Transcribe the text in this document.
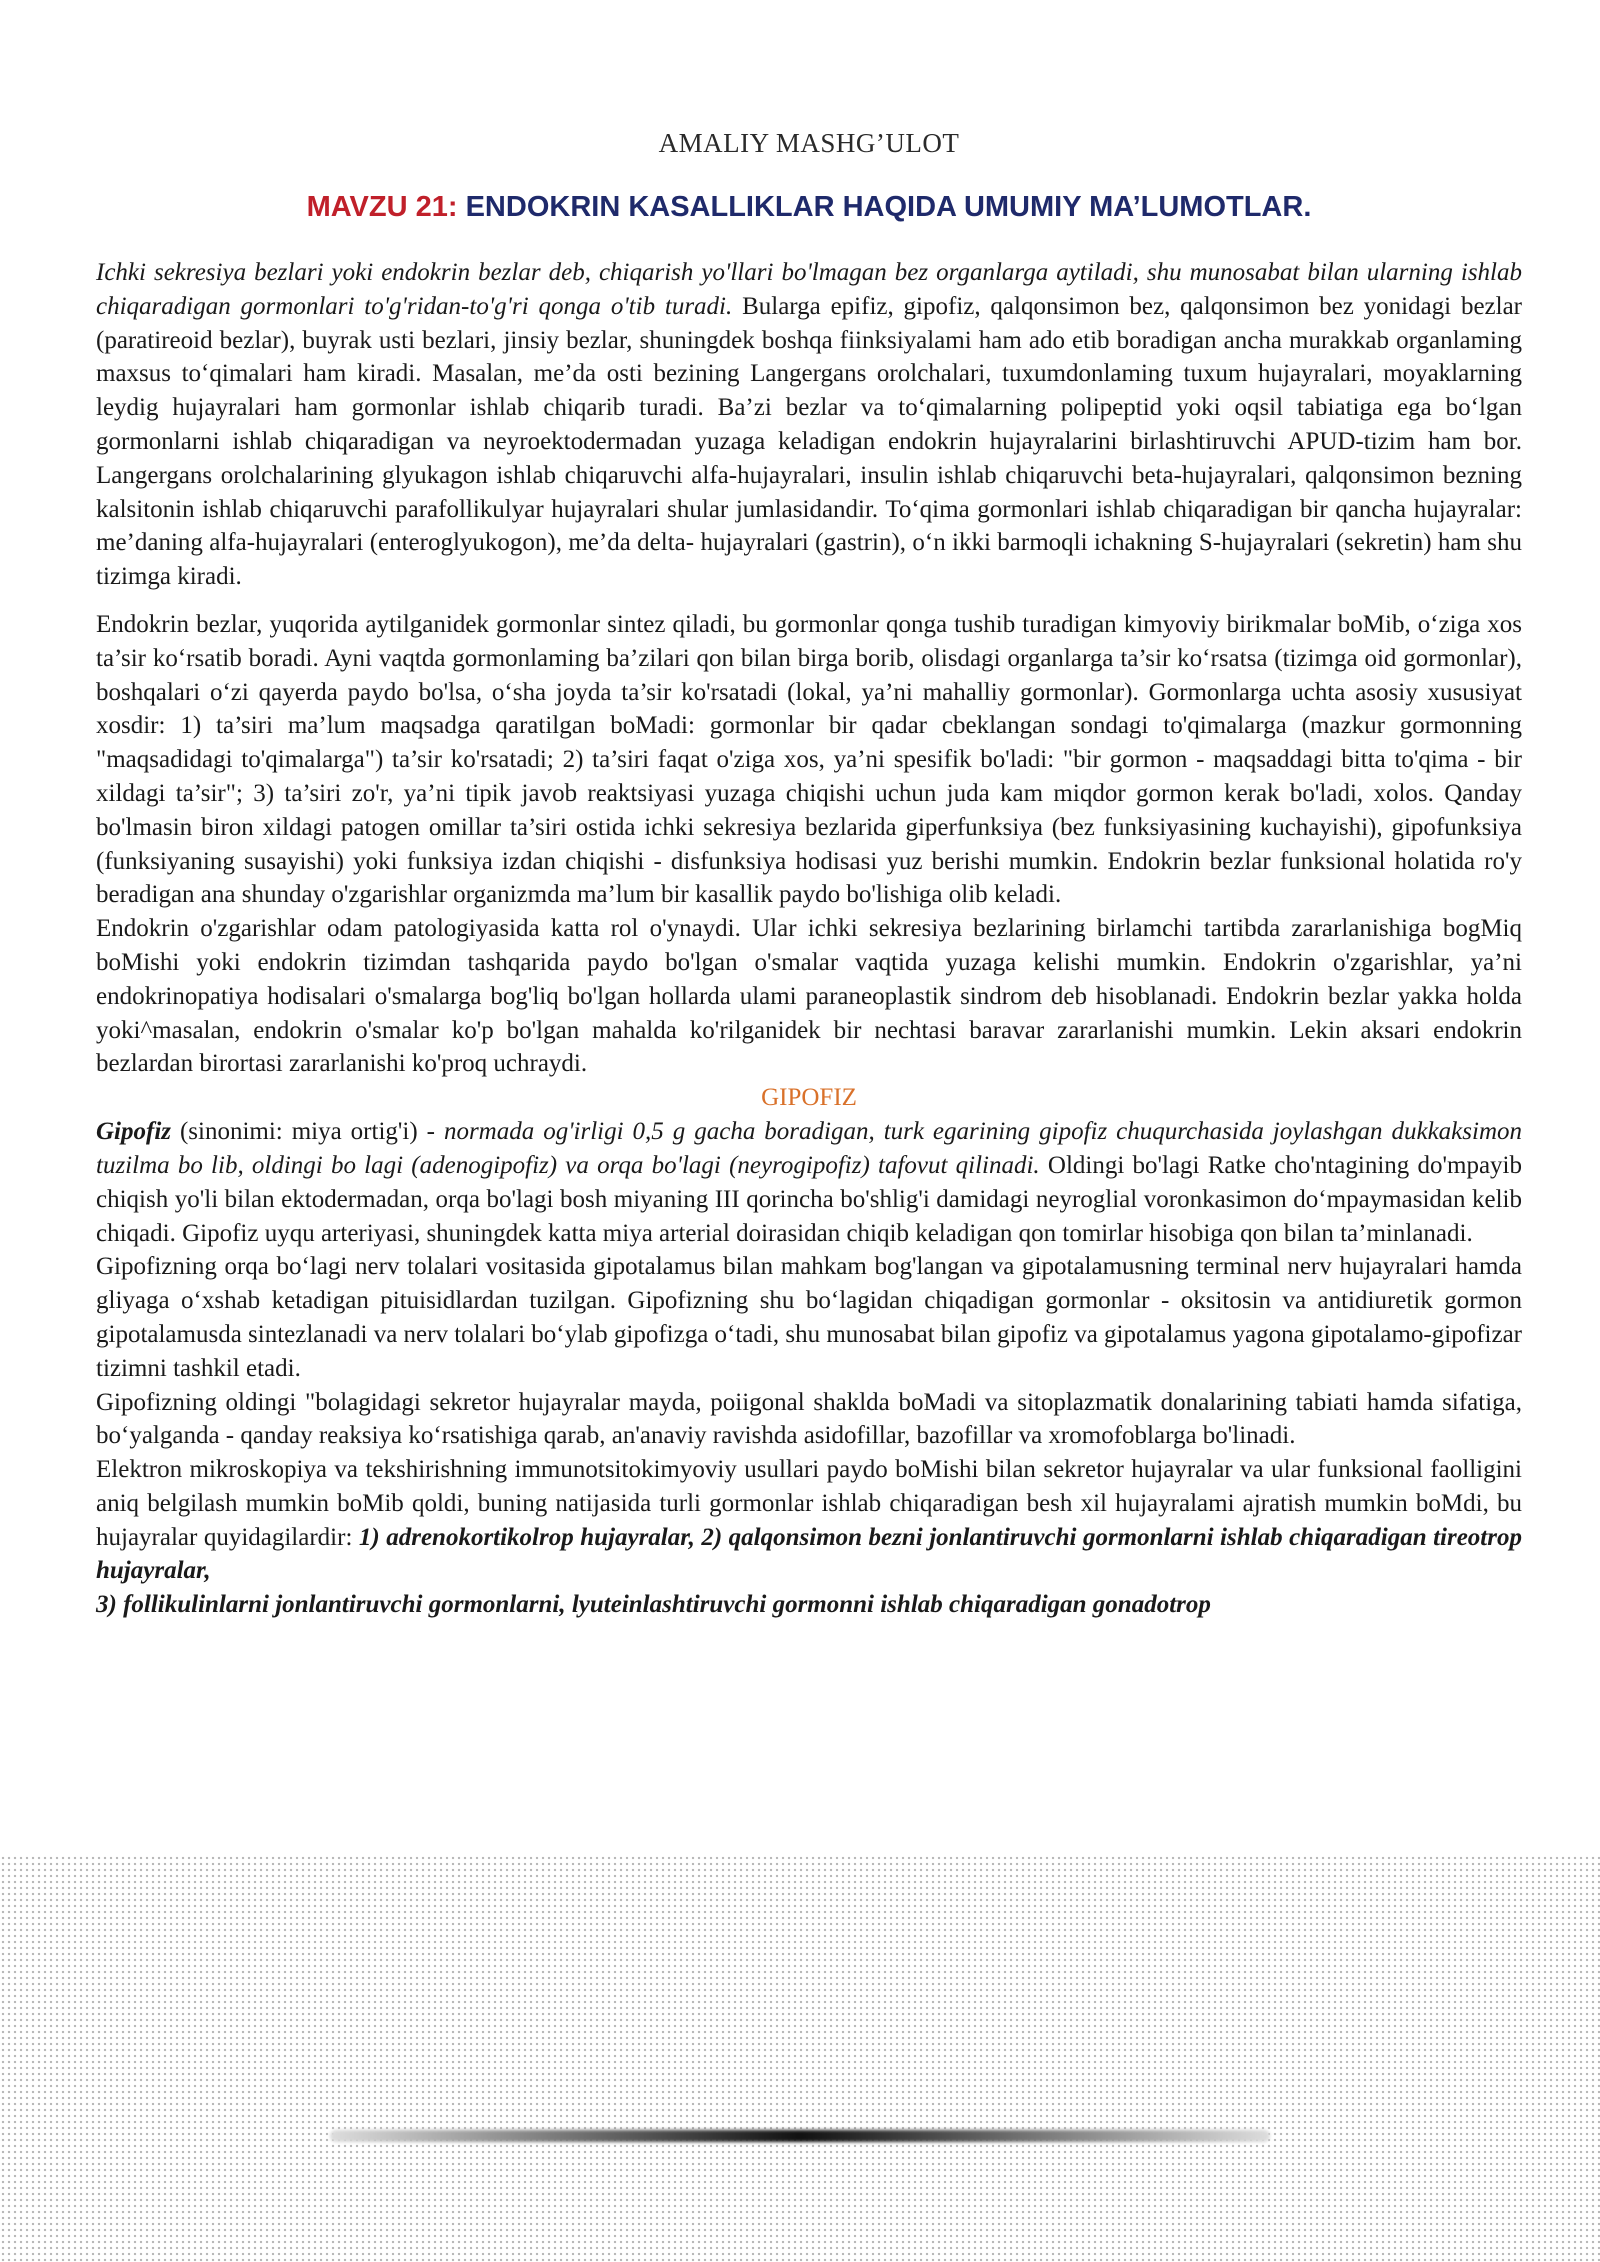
AMALIY MASHG’ULOT
MAVZU 21: ENDOKRIN KASALLIKLAR HAQIDA UMUMIY MA’LUMOTLAR.

Ichki sekresiya bezlari yoki endokrin bezlar deb, chiqarish yo'llari bo'lmagan bez organlarga aytiladi, shu munosabat bilan ularning ishlab chiqaradigan gormonlari to'g'ridan-to'g'ri qonga o'tib turadi. Bularga epifiz, gipofiz, qalqonsimon bez, qalqonsimon bez yonidagi bezlar (paratireoid bezlar), buyrak usti bezlari, jinsiy bezlar, shuningdek boshqa fiinksiyalami ham ado etib boradigan ancha murakkab organlaming maxsus to‘qimalari ham kiradi. Masalan, me’da osti bezining Langergans orolchalari, tuxumdonlaming tuxum hujayralari, moyaklarning leydig hujayralari ham gormonlar ishlab chiqarib turadi. Ba’zi bezlar va to‘qimalarning polipeptid yoki oqsil tabiatiga ega bo‘lgan gormonlarni ishlab chiqaradigan va neyroektodermadan yuzaga keladigan endokrin hujayralarini birlashtiruvchi APUD-tizim ham bor. Langergans orolchalarining glyukagon ishlab chiqaruvchi alfa-hujayralari, insulin ishlab chiqaruvchi beta-hujayralari, qalqonsimon bezning kalsitonin ishlab chiqaruvchi parafollikulyar hujayralari shular jumlasidandir. To‘qima gormonlari ishlab chiqaradigan bir qancha hujayralar: me’daning alfa-hujayralari (enteroglyukogon), me’da delta- hujayralari (gastrin), o‘n ikki barmoqli ichakning S-hujayralari (sekretin) ham shu tizimga kiradi.

Endokrin bezlar, yuqorida aytilganidek gormonlar sintez qiladi, bu gormonlar qonga tushib turadigan kimyoviy birikmalar boMib, o‘ziga xos ta’sir ko‘rsatib boradi. Ayni vaqtda gormonlaming ba’zilari qon bilan birga borib, olisdagi organlarga ta’sir ko‘rsatsa (tizimga oid gormonlar), boshqalari o‘zi qayerda paydo bo'lsa, o‘sha joyda ta’sir ko'rsatadi (lokal, ya’ni mahalliy gormonlar). Gormonlarga uchta asosiy xususiyat xosdir: 1) ta’siri ma’lum maqsadga qaratilgan boMadi: gormonlar bir qadar cbeklangan sondagi to'qimalarga (mazkur gormonning "maqsadidagi to'qimalarga") ta’sir ko'rsatadi; 2) ta’siri faqat o'ziga xos, ya’ni spesifik bo'ladi: "bir gormon - maqsaddagi bitta to'qima - bir xildagi ta’sir"; 3) ta’siri zo'r, ya’ni tipik javob reaktsiyasi yuzaga chiqishi uchun juda kam miqdor gormon kerak bo'ladi, xolos. Qanday bo'lmasin biron xildagi patogen omillar ta’siri ostida ichki sekresiya bezlarida giperfunksiya (bez funksiyasining kuchayishi), gipofunksiya (funksiyaning susayishi) yoki funksiya izdan chiqishi - disfunksiya hodisasi yuz berishi mumkin. Endokrin bezlar funksional holatida ro'y beradigan ana shunday o'zgarishlar organizmda ma’lum bir kasallik paydo bo'lishiga olib keladi.

Endokrin o'zgarishlar odam patologiyasida katta rol o'ynaydi. Ular ichki sekresiya bezlarining birlamchi tartibda zararlanishiga bogMiq boMishi yoki endokrin tizimdan tashqarida paydo bo'lgan o'smalar vaqtida yuzaga kelishi mumkin. Endokrin o'zgarishlar, ya’ni endokrinopatiya hodisalari o'smalarga bog'liq bo'lgan hollarda ulami paraneoplastik sindrom deb hisoblanadi. Endokrin bezlar yakka holda yoki^masalan, endokrin o'smalar ko'p bo'lgan mahalda ko'rilganidek bir nechtasi baravar zararlanishi mumkin. Lekin aksari endokrin bezlardan birortasi zararlanishi ko'proq uchraydi.

GIPOFIZ

Gipofiz (sinonimi: miya ortig'i) - normada og'irligi 0,5 g gacha boradigan, turk egarining gipofiz chuqurchasida joylashgan dukkaksimon tuzilma bo lib, oldingi bo lagi (adenogipofiz) va orqa bo'lagi (neyrogipofiz) tafovut qilinadi. Oldingi bo'lagi Ratke cho'ntagining do'mpayib chiqish yo'li bilan ektodermadan, orqa bo'lagi bosh miyaning III qorincha bo'shlig'i damidagi neyroglial voronkasimon do‘mpaymasidan kelib chiqadi. Gipofiz uyqu arteriyasi, shuningdek katta miya arterial doirasidan chiqib keladigan qon tomirlar hisobiga qon bilan ta’minlanadi.

Gipofizning orqa bo‘lagi nerv tolalari vositasida gipotalamus bilan mahkam bog'langan va gipotalamusning terminal nerv hujayralari hamda gliyaga o‘xshab ketadigan pituisidlardan tuzilgan. Gipofizning shu bo‘lagidan chiqadigan gormonlar - oksitosin va antidiuretik gormon gipotalamusda sintezlanadi va nerv tolalari bo‘ylab gipofizga o‘tadi, shu munosabat bilan gipofiz va gipotalamus yagona gipotalamo-gipofizar tizimni tashkil etadi.

Gipofizning oldingi "bolagidagi sekretor hujayralar mayda, poiigonal shaklda boMadi va sitoplazmatik donalarining tabiati hamda sifatiga, bo‘yalganda - qanday reaksiya ko‘rsatishiga qarab, an'anaviy ravishda asidofillar, bazofillar va xromofoblarga bo'linadi.

Elektron mikroskopiya va tekshirishning immunotsitokimyoviy usullari paydo boMishi bilan sekretor hujayralar va ular funksional faolligini aniq belgilash mumkin boMib qoldi, buning natijasida turli gormonlar ishlab chiqaradigan besh xil hujayralami ajratish mumkin boMdi, bu hujayralar quyidagilardir: 1) adrenokortikolrop hujayralar, 2) qalqonsimon bezni jonlantiruvchi gormonlarni ishlab chiqaradigan tireotrop hujayralar,

3) follikulinlarni jonlantiruvchi gormonlarni, lyuteinlashtiruvchi gormonni ishlab chiqaradigan gonadotrop
